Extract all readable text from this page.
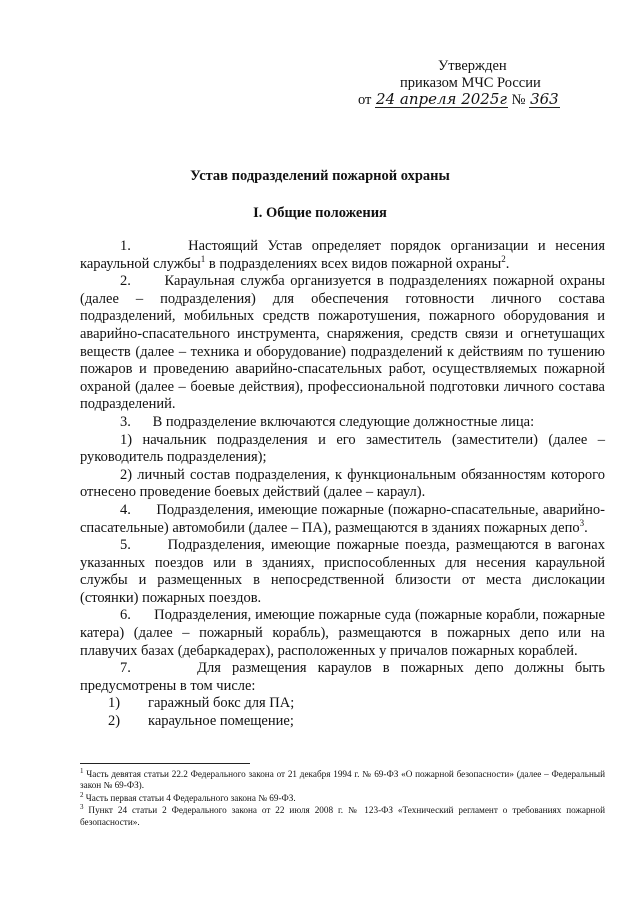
Утвержден
приказом МЧС России
от 24 апреля 2025г № 363
Устав подразделений пожарной охраны
I. Общие положения

1.      Настоящий Устав определяет порядок организации и несения караульной службы$^1$ в подразделениях всех видов пожарной охраны$^2$.

2.      Караульная служба организуется в подразделениях пожарной охраны (далее – подразделения) для обеспечения готовности личного состава подразделений, мобильных средств пожаротушения, пожарного оборудования и аварийно-спасательного инструмента, снаряжения, средств связи и огнетушащих веществ (далее – техника и оборудование) подразделений к действиям по тушению пожаров и проведению аварийно-спасательных работ, осуществляемых пожарной охраной (далее – боевые действия), профессиональной подготовки личного состава подразделений.

3.      В подразделение включаются следующие должностные лица:

1) начальник подразделения и его заместитель (заместители) (далее – руководитель подразделения);

2) личный состав подразделения, к функциональным обязанностям которого отнесено проведение боевых действий (далее – караул).

4.      Подразделения, имеющие пожарные (пожарно-спасательные, аварийно-спасательные) автомобили (далее – ПА), размещаются в зданиях пожарных депо$^3$.

5.      Подразделения, имеющие пожарные поезда, размещаются в вагонах указанных поездов или в зданиях, приспособленных для несения караульной службы и размещенных в непосредственной близости от места дислокации (стоянки) пожарных поездов.

6.      Подразделения, имеющие пожарные суда (пожарные корабли, пожарные катера) (далее – пожарный корабль), размещаются в пожарных депо или на плавучих базах (дебаркадерах), расположенных у причалов пожарных кораблей.

7.      Для размещения караулов в пожарных депо должны быть предусмотрены в том числе:

1) гаражный бокс для ПА;

2) караульное помещение;

$^1$ Часть девятая статьи 22.2 Федерального закона от 21 декабря 1994 г. № 69-ФЗ «О пожарной безопасности» (далее – Федеральный закон № 69-ФЗ).

$^2$ Часть первая статьи 4 Федерального закона № 69-ФЗ.

$^3$ Пункт 24 статьи 2 Федерального закона от 22 июля 2008 г. № 123-ФЗ «Технический регламент о требованиях пожарной безопасности».
